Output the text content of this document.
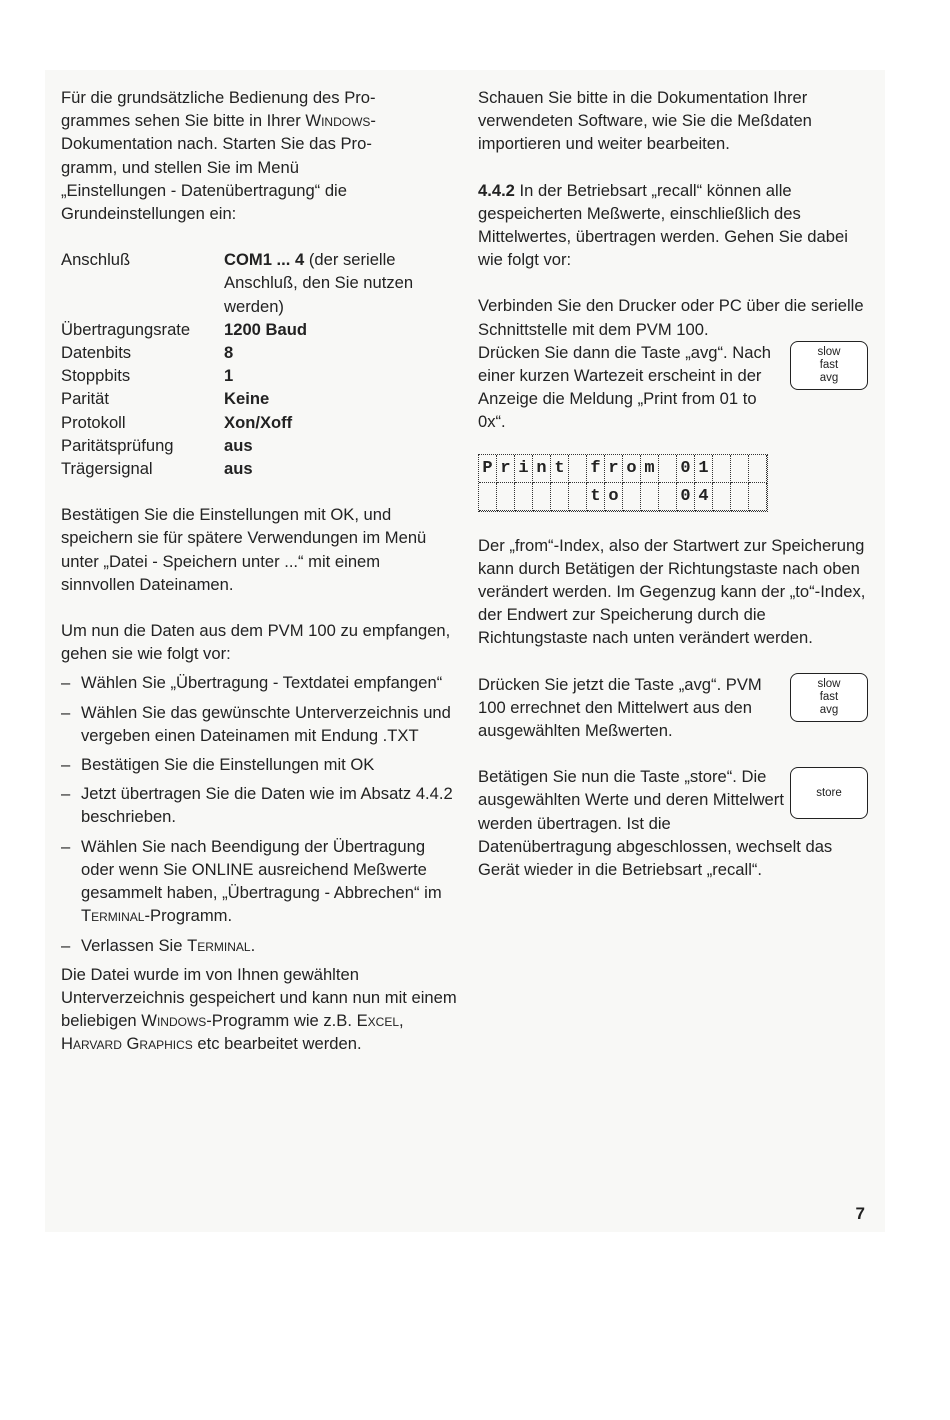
Für die grundsätzliche Bedienung des Pro-
grammes sehen Sie bitte in Ihrer Windows-
Dokumentation nach. Starten Sie das Pro-
gramm, und stellen Sie im Menü
„Einstellungen - Datenübertragung“ die
Grundeinstellungen ein:

Anschluß	COM1 ... 4 (der serielle Anschluß, den Sie nutzen werden)
Übertragungsrate	1200 Baud
Datenbits	8
Stoppbits	1
Parität	Keine
Protokoll	Xon/Xoff
Paritätsprüfung	aus
Trägersignal	aus

Bestätigen Sie die Einstellungen mit OK, und speichern sie für spätere Verwendungen im Menü unter „Datei - Speichern unter ...“ mit einem sinnvollen Dateinamen.

Um nun die Daten aus dem PVM 100 zu empfangen, gehen sie wie folgt vor:

– Wählen Sie „Übertragung - Textdatei empfangen“
– Wählen Sie das gewünschte Unterverzeichnis und vergeben einen Dateinamen mit Endung .TXT
– Bestätigen Sie die Einstellungen mit OK
– Jetzt übertragen Sie die Daten wie im Absatz 4.4.2 beschrieben.
– Wählen Sie nach Beendigung der Übertragung oder wenn Sie ONLINE ausreichend Meßwerte gesammelt haben, „Übertragung - Abbrechen“ im Terminal-Programm.
– Verlassen Sie Terminal.

Die Datei wurde im von Ihnen gewählten Unterverzeichnis gespeichert und kann nun mit einem beliebigen Windows-Programm wie z.B. Excel, Harvard Graphics etc bearbeitet werden.

Schauen Sie bitte in die Dokumentation Ihrer verwendeten Software, wie Sie die Meßdaten importieren und weiter bearbeiten.

4.4.2 In der Betriebsart „recall“ können alle gespeicherten Meßwerte, einschließlich des Mittelwertes, übertragen werden. Gehen Sie dabei wie folgt vor:

Verbinden Sie den Drucker oder PC über die serielle Schnittstelle mit dem PVM 100.

slow
fast
avg

Drücken Sie dann die Taste „avg“. Nach einer kurzen Wartezeit erscheint in der Anzeige die Meldung „Print from 01 to 0x“.

P r i n t f r o m 0 1
t o	0 4

Der „from“-Index, also der Startwert zur Speicherung kann durch Betätigen der Richtungstaste nach oben verändert werden. Im Gegenzug kann der „to“-Index, der Endwert zur Speicherung durch die Richtungstaste nach unten verändert werden.

slow
fast
avg

Drücken Sie jetzt die Taste „avg“. PVM 100 errechnet den Mittelwert aus den ausgewählten Meßwerten.

store

Betätigen Sie nun die Taste „store“. Die ausgewählten Werte und deren Mittelwert werden übertragen. Ist die Datenübertragung abgeschlossen, wechselt das Gerät wieder in die Betriebsart „recall“.

7
